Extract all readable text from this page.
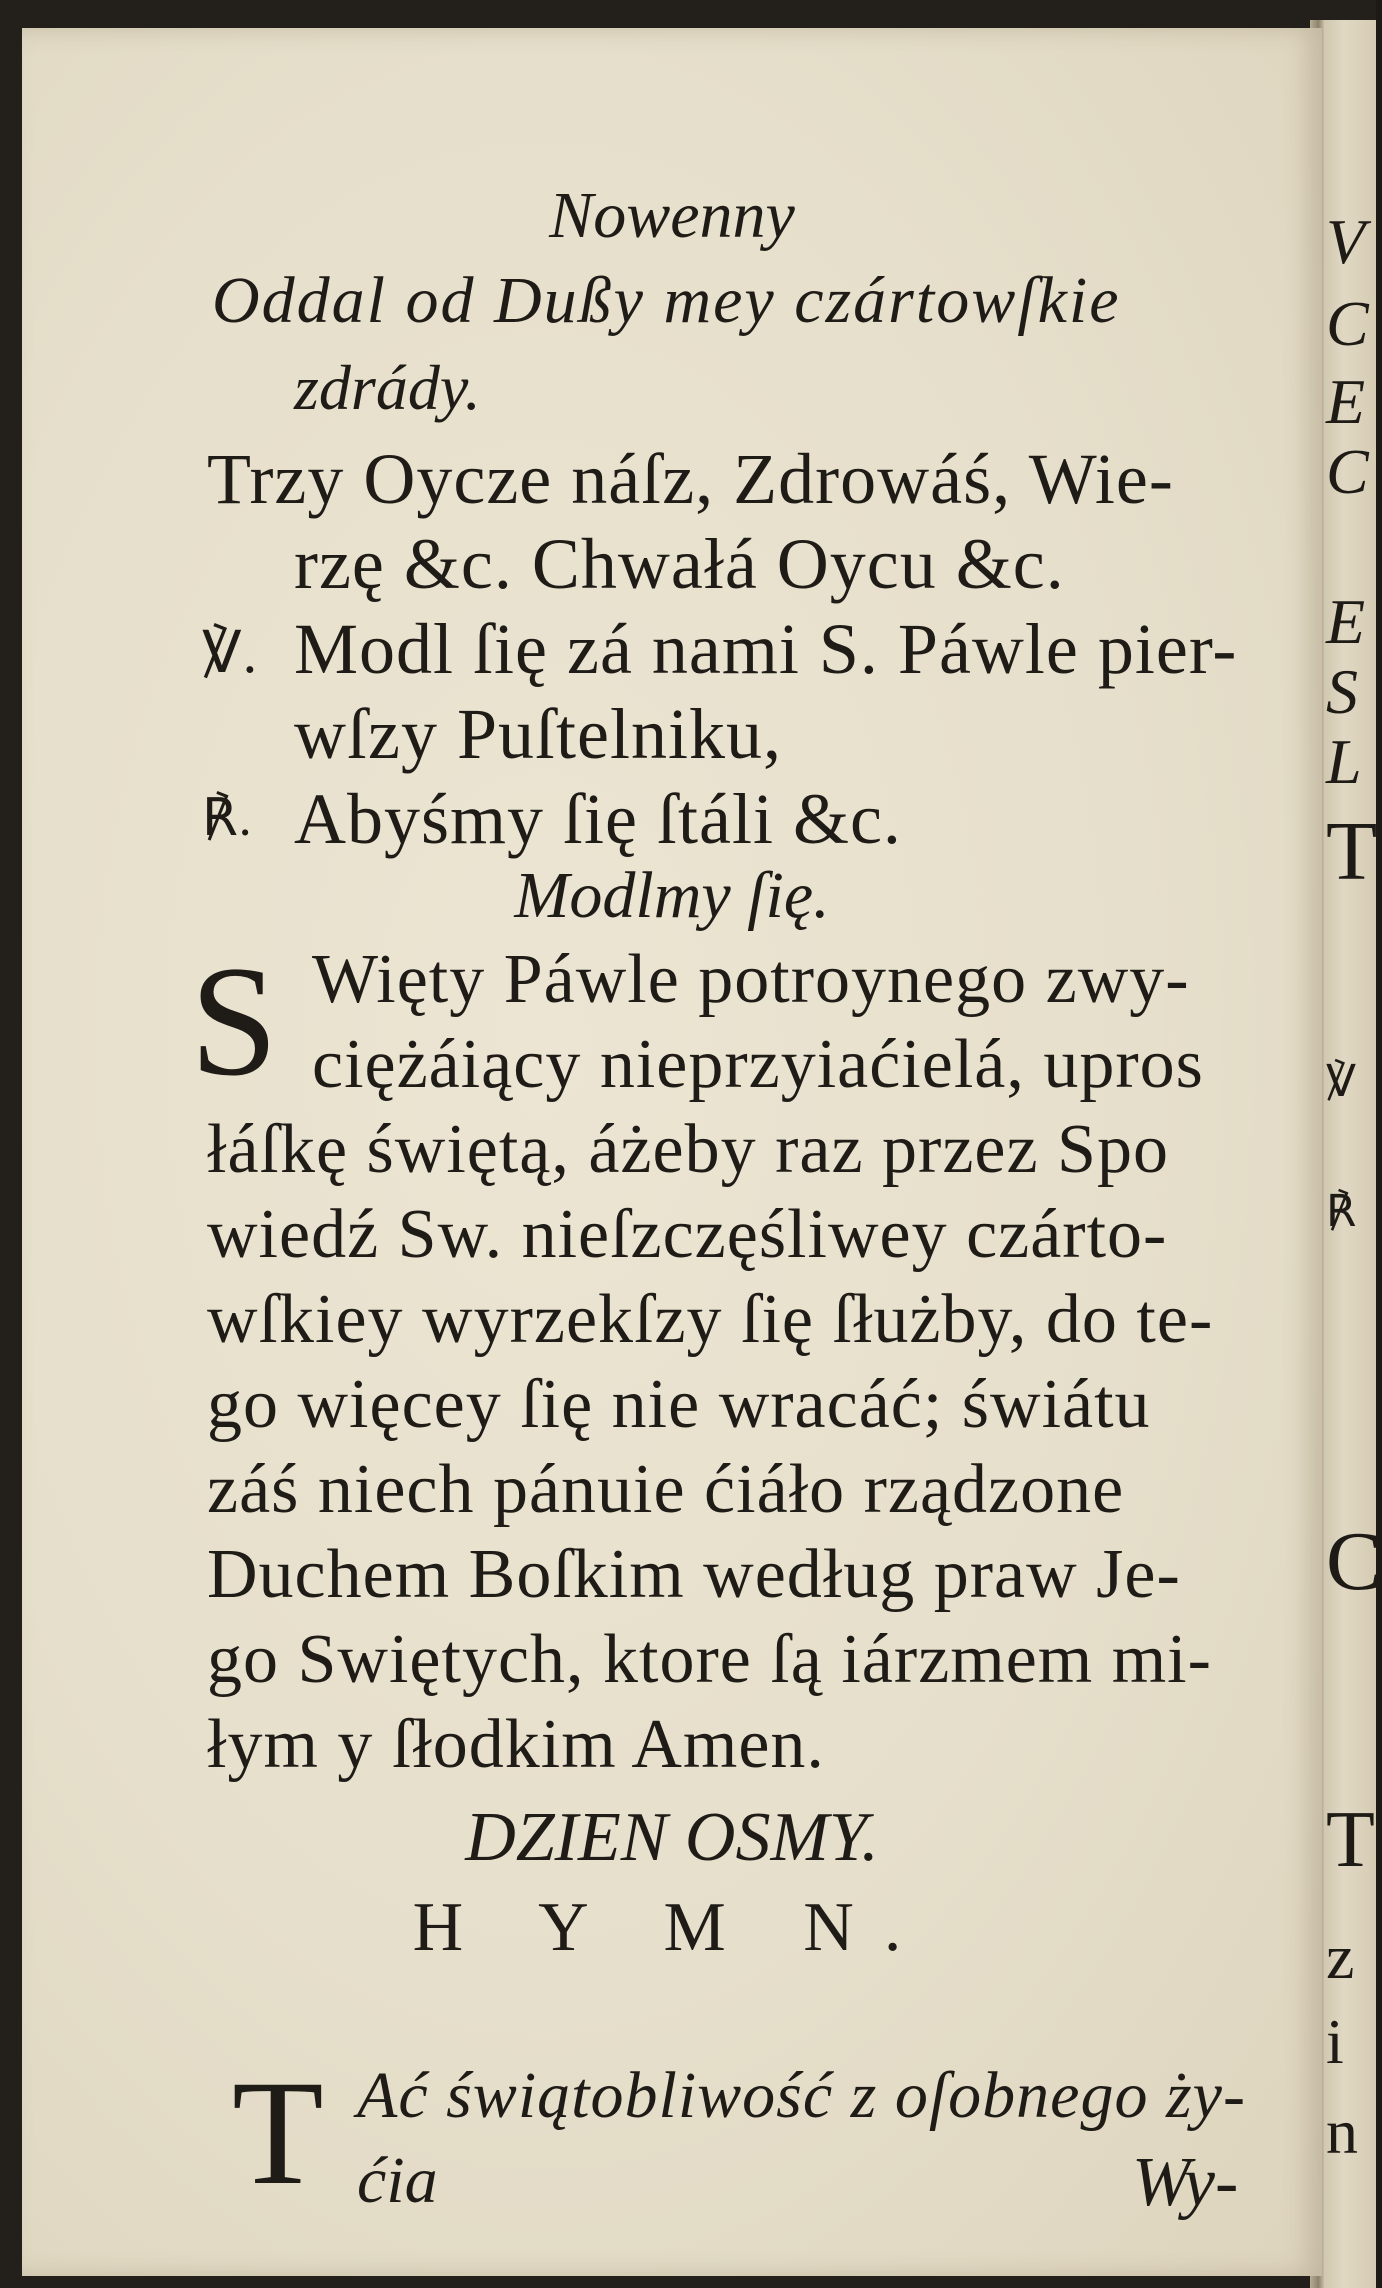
V
C
E
C
E
S
L
T
℣
℟
C
T
z
i
n
Nowenny
Oddal od Dußy mey czártowſkie
zdrády.
Trzy Oycze náſz, Zdrowáś, Wie-
rzę &c. Chwałá Oycu &c.
℣. Modl ſię zá nami S. Páwle pier-
wſzy Puſtelniku,
℟. Abyśmy ſię ſtáli &c.
Modlmy ſię.
S Więty Páwle potroynego zwy-
ciężáiący nieprzyiaćielá, upros
łáſkę świętą, áżeby raz przez Spo
wiedź Sw. nieſzczęśliwey czárto-
wſkiey wyrzekſzy ſię ſłużby, do te-
go więcey ſię nie wracáć; świátu
záś niech pánuie ćiáło rządzone
Duchem Boſkim według praw Je-
go Swiętych, ktore ſą iárzmem mi-
łym y ſłodkim Amen.
DZIEN OSMY.
H Y M N.
T Ać świątobliwość z oſobnego ży-
ćia	Wy-
